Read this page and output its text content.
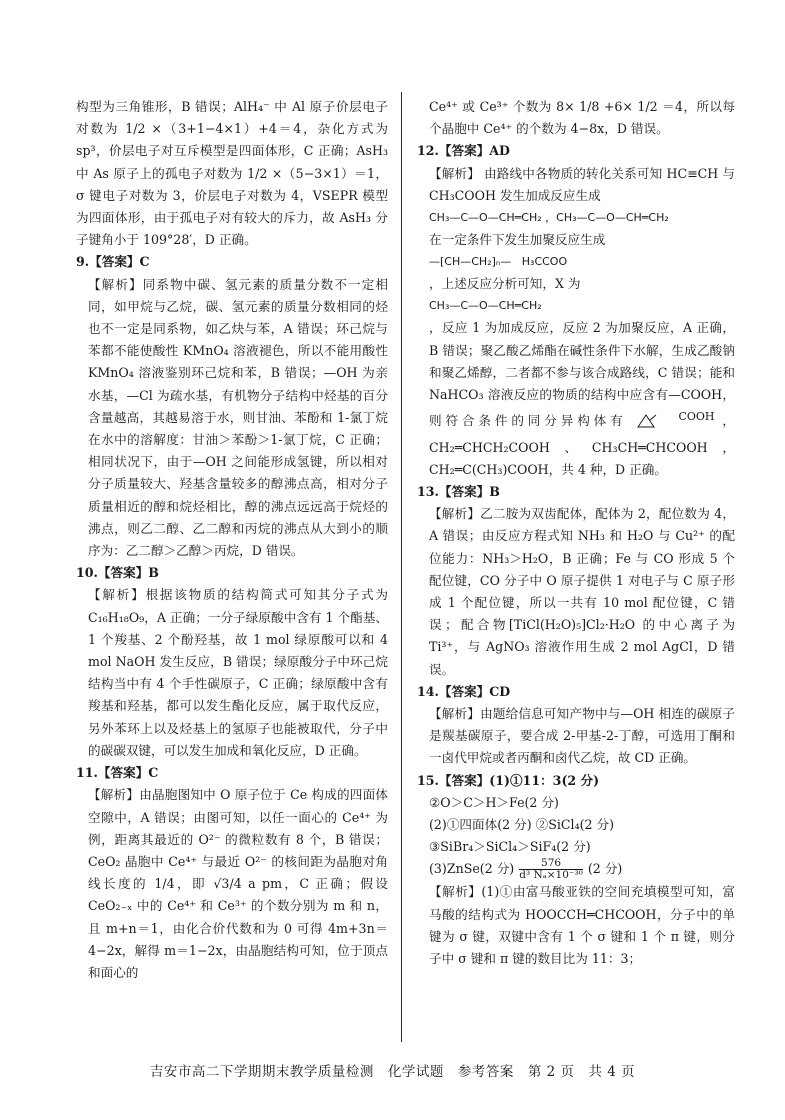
构型为三角锥形，B 错误；AlH₄⁻ 中 Al 原子价层电子对数为 1/2 ×（3+1−4×1）+4＝4，杂化方式为 sp³，价层电子对互斥模型是四面体形，C 正确；AsH₃ 中 As 原子上的孤电子对数为 1/2 ×（5−3×1）＝1，σ 键电子对数为 3，价层电子对数为 4，VSEPR 模型为四面体形，由于孤电子对有较大的斥力，故 AsH₃ 分子键角小于 109°28′，D 正确。

9.【答案】C

【解析】同系物中碳、氢元素的质量分数不一定相同，如甲烷与乙烷，碳、氢元素的质量分数相同的烃也不一定是同系物，如乙炔与苯，A 错误；环己烷与苯都不能使酸性 KMnO₄ 溶液褪色，所以不能用酸性 KMnO₄ 溶液鉴别环己烷和苯，B 错误；—OH 为亲水基，—Cl 为疏水基，有机物分子结构中烃基的百分含量越高，其越易溶于水，则甘油、苯酚和 1-氯丁烷在水中的溶解度：甘油＞苯酚＞1-氯丁烷，C 正确；相同状况下，由于—OH 之间能形成氢键，所以相对分子质量较大、羟基含量较多的醇沸点高，相对分子质量相近的醇和烷烃相比，醇的沸点远远高于烷烃的沸点，则乙二醇、乙二醇和丙烷的沸点从大到小的顺序为：乙二醇＞乙醇＞丙烷，D 错误。

10.【答案】B

【解析】根据该物质的结构简式可知其分子式为 C₁₆H₁₈O₉，A 正确；一分子绿原酸中含有 1 个酯基、1 个羧基、2 个酚羟基，故 1 mol 绿原酸可以和 4 mol NaOH 发生反应，B 错误；绿原酸分子中环己烷结构当中有 4 个手性碳原子，C 正确；绿原酸中含有羧基和羟基，都可以发生酯化反应，属于取代反应，另外苯环上以及烃基上的氢原子也能被取代，分子中的碳碳双键，可以发生加成和氧化反应，D 正确。

11.【答案】C

【解析】由晶胞图知中 O 原子位于 Ce 构成的四面体空隙中，A 错误；由图可知，以任一面心的 Ce⁴⁺ 为例，距离其最近的 O²⁻ 的微粒数有 8 个，B 错误；CeO₂ 晶胞中 Ce⁴⁺ 与最近 O²⁻ 的核间距为晶胞对角线长度的 1/4，即 √3/4 a pm，C 正确；假设 CeO₂₋ₓ 中的 Ce⁴⁺ 和 Ce³⁺ 的个数分别为 m 和 n，且 m+n＝1，由化合价代数和为 0 可得 4m+3n＝4−2x，解得 m＝1−2x，由晶胞结构可知，位于顶点和面心的

Ce⁴⁺ 或 Ce³⁺ 个数为 8× 1/8 +6× 1/2 ＝4，所以每个晶胞中 Ce⁴⁺ 的个数为 4−8x，D 错误。

12.【答案】AD

【解析】 由路线中各物质的转化关系可知 HC≡CH 与 CH₃COOH 发生加成反应生成

CH₃—C—O—CH═CH₂ ，CH₃—C—O—CH═CH₂

在一定条件下发生加聚反应生成

—[CH—CH₂]ₙ—   H₃CCOO

，上述反应分析可知，X 为

CH₃—C—O—CH═CH₂

，反应 1 为加成反应，反应 2 为加聚反应，A 正确，B 错误；聚乙酸乙烯酯在碱性条件下水解，生成乙酸钠和聚乙烯醇，二者都不参与该合成路线，C 错误；能和 NaHCO₃ 溶液反应的物质的结构中应含有—COOH，则符合条件的同分异构体有	COOH ，CH₂═CHCH₂COOH、CH₃CH═CHCOOH，CH₂═C(CH₃)COOH，共 4 种，D 正确。

13.【答案】B

【解析】乙二胺为双齿配体，配体为 2，配位数为 4，A 错误；由反应方程式知 NH₃ 和 H₂O 与 Cu²⁺ 的配位能力：NH₃＞H₂O，B 正确；Fe 与 CO 形成 5 个配位键，CO 分子中 O 原子提供 1 对电子与 C 原子形成 1 个配位键，所以一共有 10 mol 配位键，C 错误；配合物[TiCl(H₂O)₅]Cl₂·H₂O 的中心离子为 Ti³⁺，与 AgNO₃ 溶液作用生成 2 mol AgCl，D 错误。

14.【答案】CD

【解析】由题给信息可知产物中与—OH 相连的碳原子是羰基碳原子，要合成 2-甲基-2-丁醇，可选用丁酮和一卤代甲烷或者丙酮和卤代乙烷，故 CD 正确。

15.【答案】(1)①11：3(2 分)

②O＞C＞H＞Fe(2 分)

(2)①四面体(2 分) ②SiCl₄(2 分)

③SiBr₄＞SiCl₄＞SiF₄(2 分)

(3)ZnSe(2 分) $\frac{576}{\text{d³ Nₐ×10⁻³⁰}} (2$ 分)

【解析】(1)①由富马酸亚铁的空间充填模型可知，富马酸的结构式为 HOOCCH═CHCOOH，分子中的单键为 σ 键，双键中含有 1 个 σ 键和 1 个 π 键，则分子中 σ 键和 π 键的数目比为 11：3；

吉安市高二下学期期末教学质量检测　化学试题　参考答案　第 2 页　共 4 页
